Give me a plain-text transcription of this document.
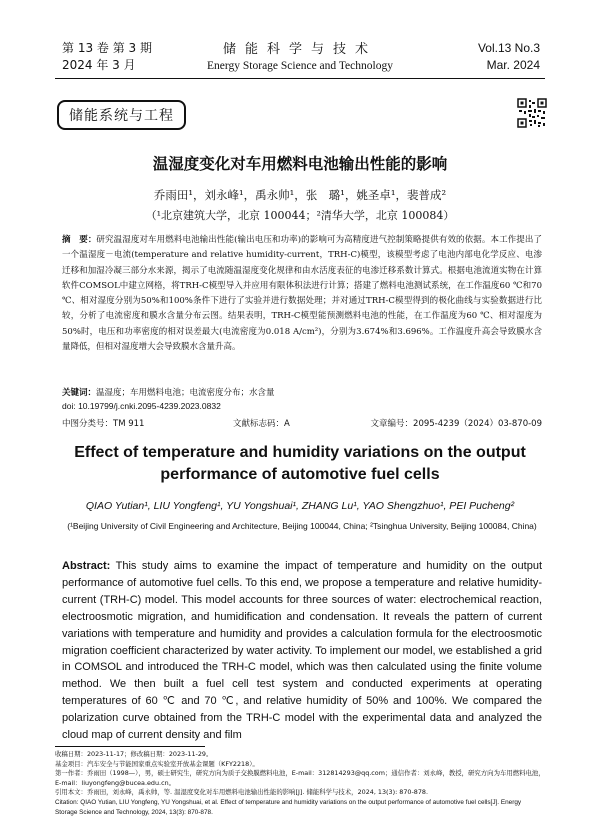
第 13 卷 第 3 期
2024 年 3 月
储能科学与技术
Energy Storage Science and Technology
Vol.13 No.3
Mar. 2024
储能系统与工程
温湿度变化对车用燃料电池输出性能的影响
乔雨田¹，刘永峰¹，禹永帅¹，张　璐¹，姚圣卓¹，裴普成²
（¹北京建筑大学，北京 100044；²清华大学，北京 100084）
摘　要：研究温湿度对车用燃料电池输出性能(输出电压和功率)的影响可为高精度进气控制策略提供有效的依据。本工作提出了一个温湿度－电流(temperature and relative humidity-current，TRH-C)模型，该模型考虑了电池内部电化学反应、电渗迁移和加湿冷凝三部分水来源，揭示了电流随温湿度变化规律和由水活度表征的电渗迁移系数计算式。根据电池流道实物在计算软件COMSOL中建立网格，将TRH-C模型导入并应用有限体积法进行计算；搭建了燃料电池测试系统，在工作温度60 ℃和70 ℃、相对湿度分别为50%和100%条件下进行了实验并进行数据处理；并对通过TRH-C模型得到的极化曲线与实验数据进行比较，分析了电流密度和膜水含量分布云图。结果表明，TRH-C模型能预测燃料电池的性能，在工作温度为60 ℃、相对湿度为50%时，电压和功率密度的相对误差最大(电流密度为0.018 A/cm²)，分别为3.674%和3.696%。工作温度升高会导致膜水含量降低，但相对湿度增大会导致膜水含量升高。
关键词：温湿度；车用燃料电池；电流密度分布；水含量
doi: 10.19799/j.cnki.2095-4239.2023.0832
中图分类号：TM 911	文献标志码：A	文章编号：2095-4239（2024）03-870-09
Effect of temperature and humidity variations on the output performance of automotive fuel cells
QIAO Yutian¹, LIU Yongfeng¹, YU Yongshuai¹, ZHANG Lu¹, YAO Shengzhuo¹, PEI Pucheng²
(¹Beijing University of Civil Engineering and Architecture, Beijing 100044, China; ²Tsinghua University, Beijing 100084, China)
Abstract: This study aims to examine the impact of temperature and humidity on the output performance of automotive fuel cells. To this end, we propose a temperature and relative humidity-current (TRH-C) model. This model accounts for three sources of water: electrochemical reaction, electroosmotic migration, and humidification and condensation. It reveals the pattern of current variations with temperature and humidity and provides a calculation formula for the electroosmotic migration coefficient characterized by water activity. To implement our model, we established a grid in COMSOL and introduced the TRH-C model, which was then calculated using the finite volume method. We then built a fuel cell test system and conducted experiments at operating temperatures of 60 ℃ and 70 ℃, and relative humidity of 50% and 100%. We compared the polarization curve obtained from the TRH-C model with the experimental data and analyzed the cloud map of current density and film
收稿日期：2023-11-17；修改稿日期：2023-11-29。
基金项目：汽车安全与节能国家重点实验室开放基金课题（KFY2218）。
第一作者：乔雨田（1998—），男，硕士研究生，研究方向为质子交换膜燃料电池，E-mail：312814293@qq.com；通信作者：刘永峰，教授，研究方向为车用燃料电池，E-mail：liuyongfeng@bucea.edu.cn。
引用本文：乔雨田，刘永峰，禹永帅，等. 温湿度变化对车用燃料电池输出性能的影响[J]. 储能科学与技术，2024, 13(3): 870-878.
Citation: QIAO Yutian, LIU Yongfeng, YU Yongshuai, et al. Effect of temperature and humidity variations on the output performance of automotive fuel cells[J]. Energy Storage Science and Technology, 2024, 13(3): 870-878.
